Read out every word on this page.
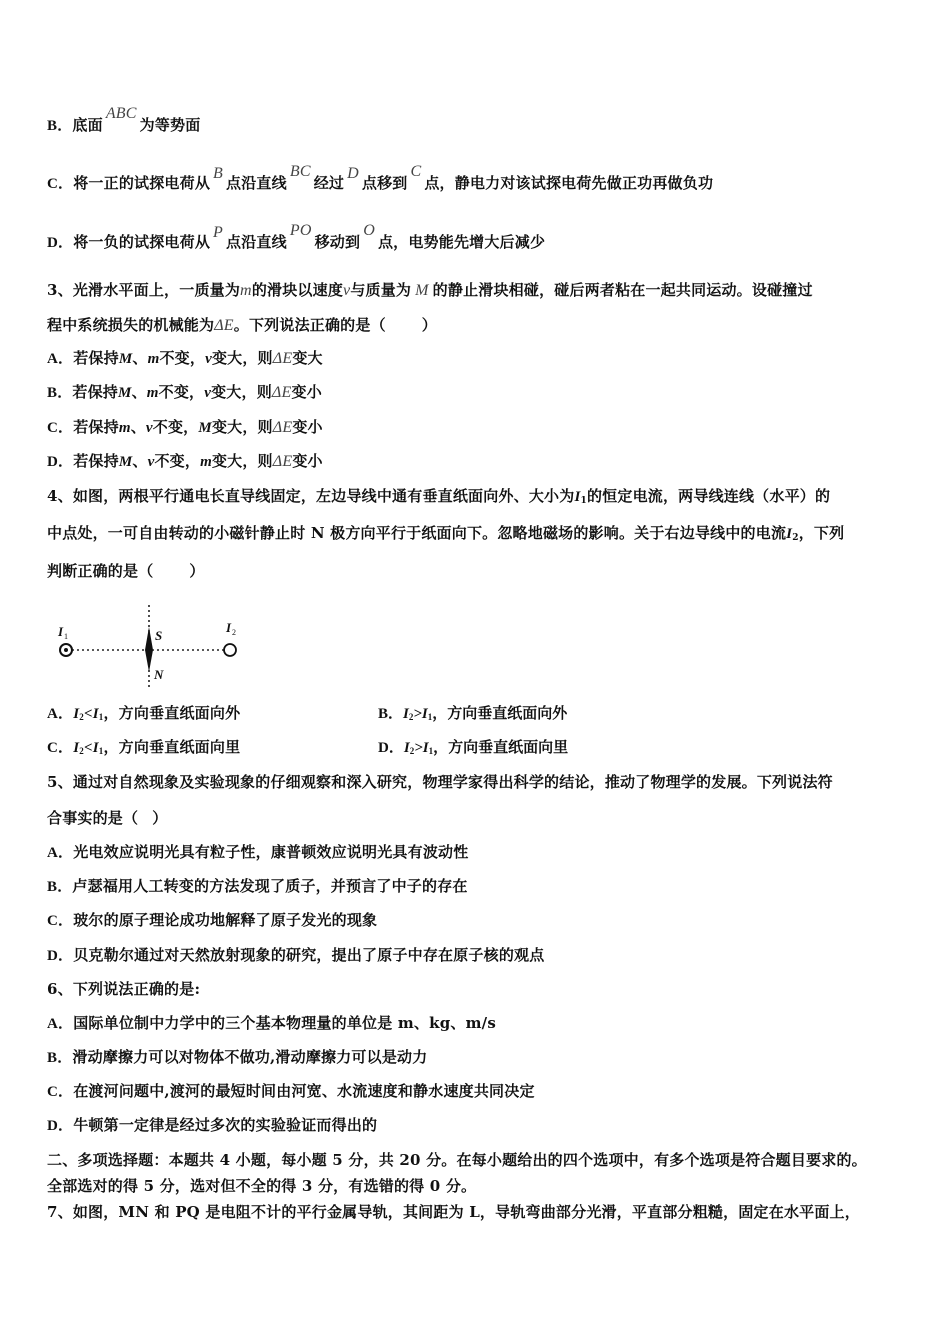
B．底面ABC为等势面
C．将一正的试探电荷从B点沿直线BC经过D点移到C点，静电力对该试探电荷先做正功再做负功
D．将一负的试探电荷从P点沿直线PO移动到O点，电势能先增大后减少
3、光滑水平面上，一质量为m的滑块以速度v与质量为 M 的静止滑块相碰，碰后两者粘在一起共同运动。设碰撞过
程中系统损失的机械能为ΔE。下列说法正确的是（ ）
A．若保持M、m不变，v变大，则ΔE变大
B．若保持M、m不变，v变大，则ΔE变小
C．若保持m、v不变，M变大，则ΔE变小
D．若保持M、v不变，m变大，则ΔE变小
4、如图，两根平行通电长直导线固定，左边导线中通有垂直纸面向外、大小为$I_1$的恒定电流，两导线连线（水平）的
中点处，一可自由转动的小磁针静止时 N 极方向平行于纸面向下。忽略地磁场的影响。关于右边导线中的电流$I_2$，下列
判断正确的是（ ）
I 1
I 2
S
N
A．$I_2<I_1$，方向垂直纸面向外	B．$I_2>I_1$，方向垂直纸面向外
C．$I_2<I_1$，方向垂直纸面向里	D．$I_2>I_1$，方向垂直纸面向里
5、通过对自然现象及实验现象的仔细观察和深入研究，物理学家得出科学的结论，推动了物理学的发展。下列说法符
合事实的是（ ）
A．光电效应说明光具有粒子性，康普顿效应说明光具有波动性
B．卢瑟福用人工转变的方法发现了质子，并预言了中子的存在
C．玻尔的原子理论成功地解释了原子发光的现象
D．贝克勒尔通过对天然放射现象的研究，提出了原子中存在原子核的观点
6、下列说法正确的是:
A．国际单位制中力学中的三个基本物理量的单位是 m、kg、m/s
B．滑动摩擦力可以对物体不做功,滑动摩擦力可以是动力
C．在渡河问题中,渡河的最短时间由河宽、水流速度和静水速度共同决定
D．牛顿第一定律是经过多次的实验验证而得出的
二、多项选择题：本题共 4 小题，每小题 5 分，共 20 分。在每小题给出的四个选项中，有多个选项是符合题目要求的。
全部选对的得 5 分，选对但不全的得 3 分，有选错的得 0 分。
7、如图，MN 和 PQ 是电阻不计的平行金属导轨，其间距为 L，导轨弯曲部分光滑，平直部分粗糙，固定在水平面上，
